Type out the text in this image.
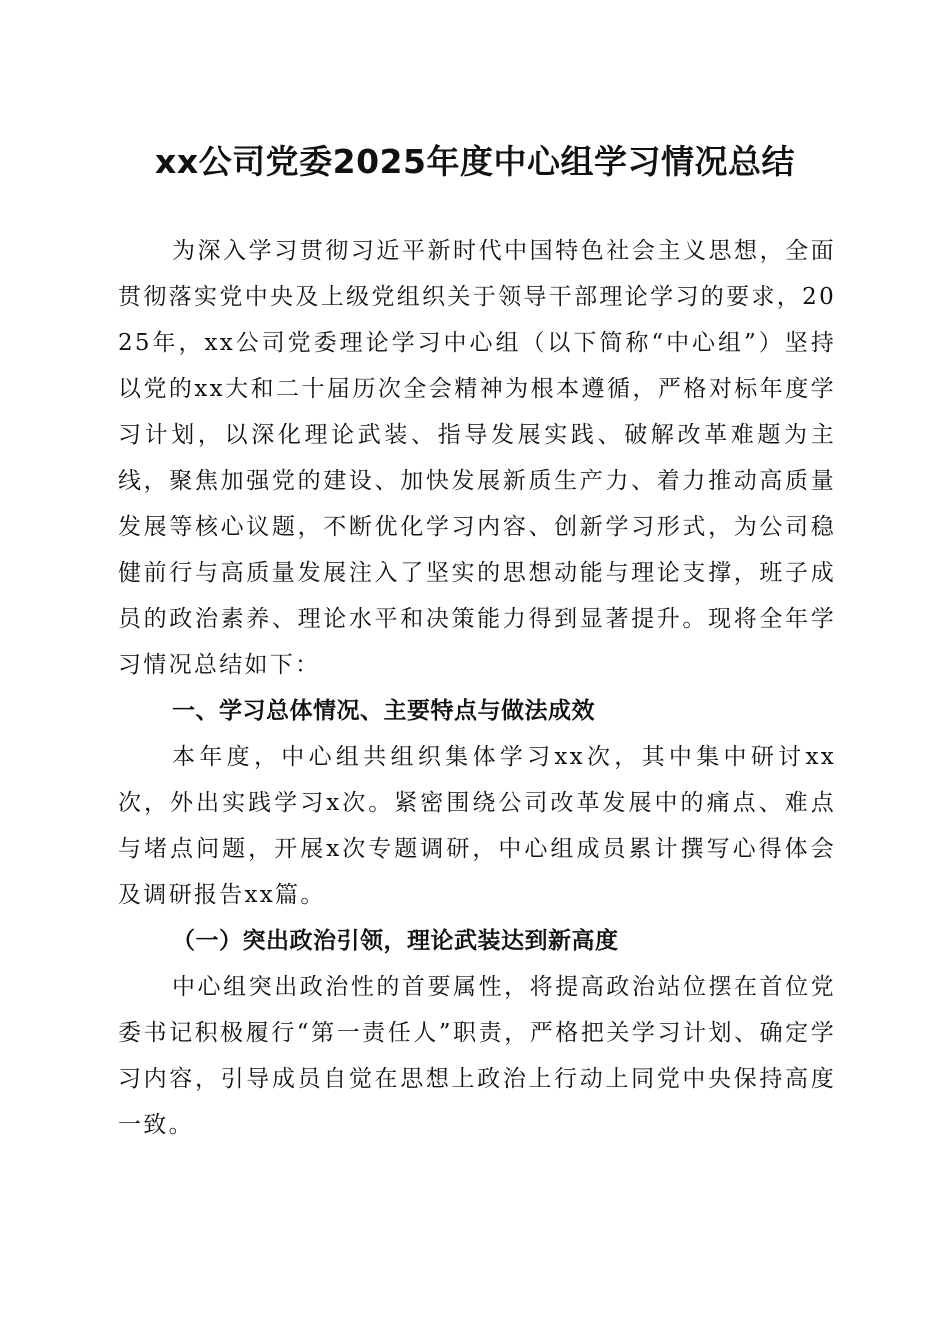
xx公司党委2025年度中心组学习情况总结

为深入学习贯彻习近平新时代中国特色社会主义思想，全面贯彻落实党中央及上级党组织关于领导干部理论学习的要求，2025年，xx公司党委理论学习中心组（以下简称“中心组”）坚持以党的xx大和二十届历次全会精神为根本遵循，严格对标年度学习计划，以深化理论武装、指导发展实践、破解改革难题为主线，聚焦加强党的建设、加快发展新质生产力、着力推动高质量发展等核心议题，不断优化学习内容、创新学习形式，为公司稳健前行与高质量发展注入了坚实的思想动能与理论支撑，班子成员的政治素养、理论水平和决策能力得到显著提升。现将全年学习情况总结如下：

一、学习总体情况、主要特点与做法成效

本年度，中心组共组织集体学习xx次，其中集中研讨xx次，外出实践学习x次。紧密围绕公司改革发展中的痛点、难点与堵点问题，开展x次专题调研，中心组成员累计撰写心得体会及调研报告xx篇。

（一）突出政治引领，理论武装达到新高度

中心组突出政治性的首要属性，将提高政治站位摆在首位党委书记积极履行“第一责任人”职责，严格把关学习计划、确定学习内容，引导成员自觉在思想上政治上行动上同党中央保持高度一致。
